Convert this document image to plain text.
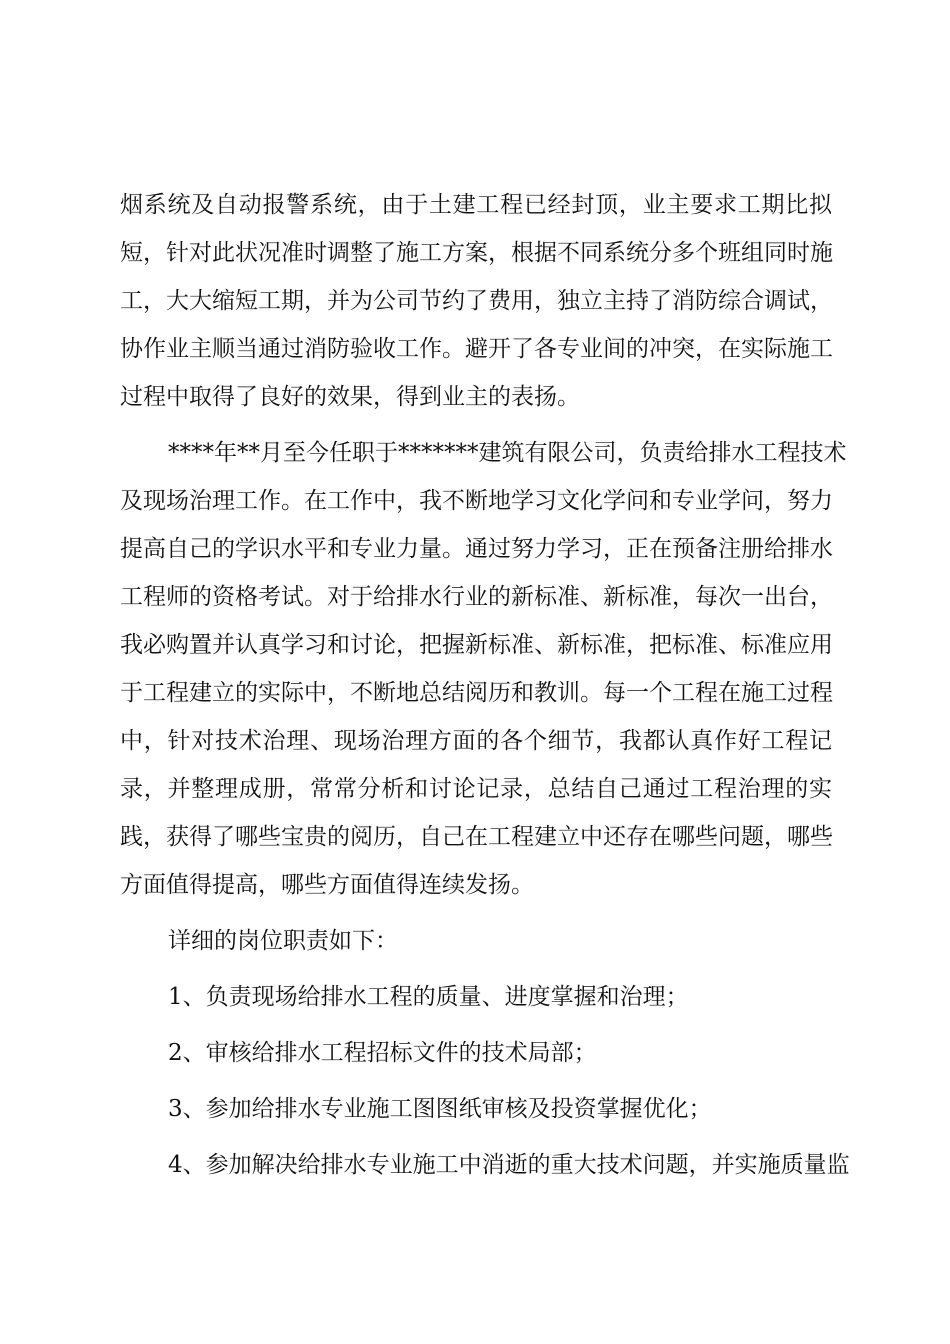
烟系统及自动报警系统，由于土建工程已经封顶，业主要求工期比拟
短，针对此状况准时调整了施工方案，根据不同系统分多个班组同时施
工，大大缩短工期，并为公司节约了费用，独立主持了消防综合调试，
协作业主顺当通过消防验收工作。避开了各专业间的冲突，在实际施工
过程中取得了良好的效果，得到业主的表扬。
****年**月至今任职于*******建筑有限公司，负责给排水工程技术
及现场治理工作。在工作中，我不断地学习文化学问和专业学问，努力
提高自己的学识水平和专业力量。通过努力学习，正在预备注册给排水
工程师的资格考试。对于给排水行业的新标准、新标准，每次一出台，
我必购置并认真学习和讨论，把握新标准、新标准，把标准、标准应用
于工程建立的实际中，不断地总结阅历和教训。每一个工程在施工过程
中，针对技术治理、现场治理方面的各个细节，我都认真作好工程记
录，并整理成册，常常分析和讨论记录，总结自己通过工程治理的实
践，获得了哪些宝贵的阅历，自己在工程建立中还存在哪些问题，哪些
方面值得提高，哪些方面值得连续发扬。
详细的岗位职责如下：
1、负责现场给排水工程的质量、进度掌握和治理；
2、审核给排水工程招标文件的技术局部；
3、参加给排水专业施工图图纸审核及投资掌握优化；
4、参加解决给排水专业施工中消逝的重大技术问题，并实施质量监
